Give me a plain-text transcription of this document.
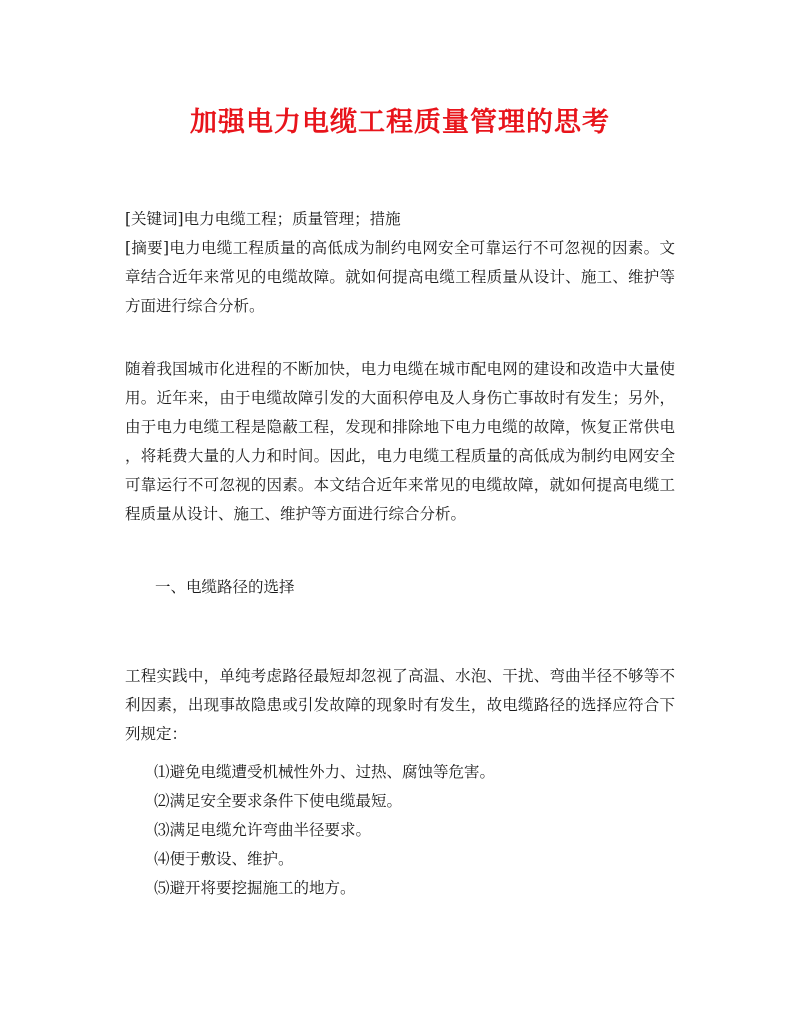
加强电力电缆工程质量管理的思考
[关键词]电力电缆工程；质量管理；措施
[摘要]电力电缆工程质量的高低成为制约电网安全可靠运行不可忽视的因素。文
章结合近年来常见的电缆故障。就如何提高电缆工程质量从设计、施工、维护等
方面进行综合分析。
随着我国城市化进程的不断加快，电力电缆在城市配电网的建设和改造中大量使
用。近年来，由于电缆故障引发的大面积停电及人身伤亡事故时有发生；另外，
由于电力电缆工程是隐蔽工程，发现和排除地下电力电缆的故障，恢复正常供电
，将耗费大量的人力和时间。因此，电力电缆工程质量的高低成为制约电网安全
可靠运行不可忽视的因素。本文结合近年来常见的电缆故障，就如何提高电缆工
程质量从设计、施工、维护等方面进行综合分析。
一、电缆路径的选择
工程实践中，单纯考虑路径最短却忽视了高温、水泡、干扰、弯曲半径不够等不
利因素，出现事故隐患或引发故障的现象时有发生，故电缆路径的选择应符合下
列规定：
⑴避免电缆遭受机械性外力、过热、腐蚀等危害。
⑵满足安全要求条件下使电缆最短。
⑶满足电缆允许弯曲半径要求。
⑷便于敷设、维护。
⑸避开将要挖掘施工的地方。
